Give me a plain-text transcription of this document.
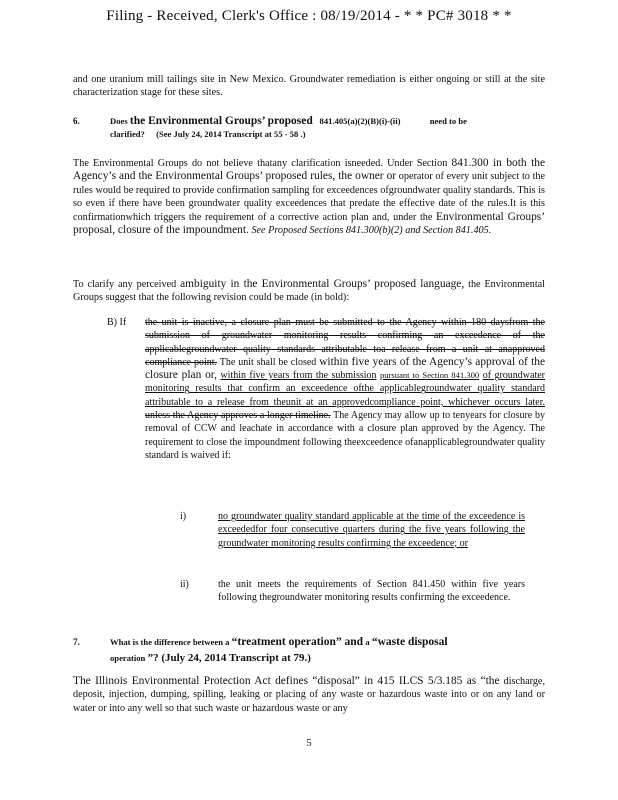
Filing - Received, Clerk's Office : 08/19/2014 - * * PC# 3018 * *

and one uranium mill tailings site in New Mexico. Groundwater remediation is either ongoing or still at the site characterization stage for these sites.

6.	Does the Environmental Groups’ proposed 841.405(a)(2)(B)(i)-(ii)	need to be
clarified? (See July 24, 2014 Transcript at 55 - 58 .)

The Environmental Groups do not believe thatany clarification isneeded. Under Section 841.300 in both the Agency’s and the Environmental Groups’ proposed rules, the owner or operator of every unit subject to the rules would be required to provide confirmation sampling for exceedences ofgroundwater quality standards. This is so even if there have been groundwater quality exceedences that predate the effective date of the rules.It is this confirmationwhich triggers the requirement of a corrective action plan and, under the Environmental Groups’ proposal, closure of the impoundment. See Proposed Sections 841.300(b)(2) and Section 841.405.

To clarify any perceived ambiguity in the Environmental Groups’ proposed language, the Environmental Groups suggest that the following revision could be made (in bold):

B) If the unit is inactive, a closure plan must be submitted to the Agency within 180 daysfrom the submission of groundwater monitoring results confirming an exceedence of the applicablegroundwater quality standards attributable toa release from a unit at anapproved compliance point. The unit shall be closed within five years of the Agency’s approval of the closure plan or, within five years from the submission pursuant to Section 841.300 of groundwater monitoring results that confirm an exceedence ofthe applicablegroundwater quality standard attributable to a release from theunit at an approvedcompliance point, whichever occurs later. unless the Agency approves a longer timeline. The Agency may allow up to tenyears for closure by removal of CCW and leachate in accordance with a closure plan approved by the Agency. The requirement to close the impoundment following theexceedence ofanapplicablegroundwater quality standard is waived if:
i)	no groundwater quality standard applicable at the time of the exceedence is exceededfor four consecutive quarters during the five years following the groundwater monitoring results confirming the exceedence; or
ii)	the unit meets the requirements of Section 841.450 within five years following thegroundwater monitoring results confirming the exceedence.
7.	What is the difference between a “treatment operation” and a “waste disposal
operation ”? (July 24, 2014 Transcript at 79.)

The Illinois Environmental Protection Act defines “disposal” in 415 ILCS 5/3.185 as “the discharge, deposit, injection, dumping, spilling, leaking or placing of any waste or hazardous waste into or on any land or water or into any well so that such waste or hazardous waste or any

5
